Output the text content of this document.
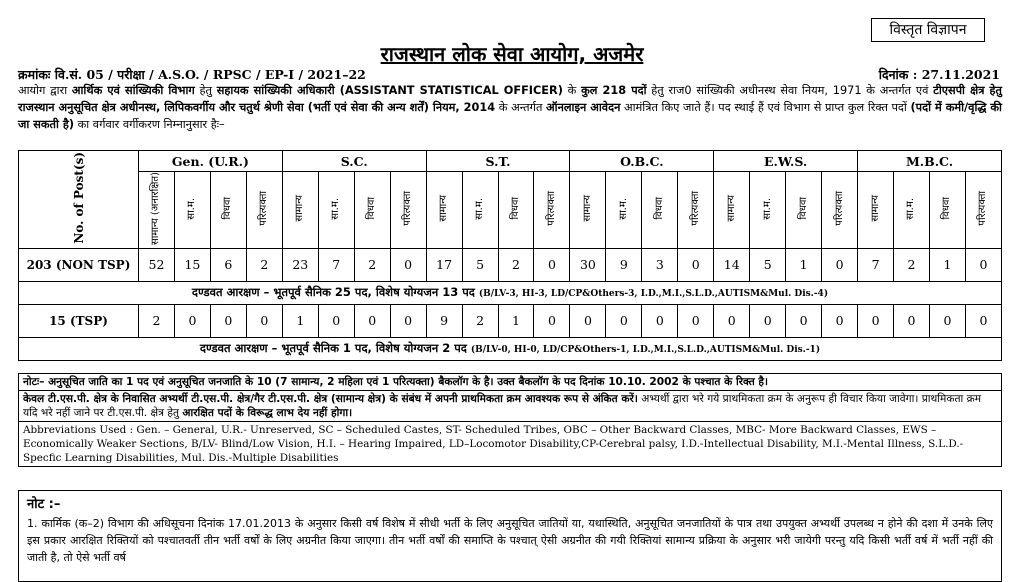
विस्तृत विज्ञापन
राजस्थान लोक सेवा आयोग, अजमेर
क्रमांकः वि.सं. 05 / परीक्षा / A.S.O. / RPSC / EP-I / 2021–22	दिनांक : 27.11.2021
आयोग द्वारा आर्थिक एवं सांख्यिकी विभाग हेतु सहायक सांख्यिकी अधिकारी (ASSISTANT STATISTICAL OFFICER) के कुल 218 पदों हेतु राज0 सांख्यिकी अधीनस्थ सेवा नियम, 1971 के अन्तर्गत एवं टीएसपी क्षेत्र हेतु राजस्थान अनुसूचित क्षेत्र अधीनस्थ, लिपिकवर्गीय और चतुर्थ श्रेणी सेवा (भर्ती एवं सेवा की अन्य शर्तें) नियम, 2014 के अन्तर्गत ऑनलाइन आवेदन आमंत्रित किए जाते हैं। पद स्थाई हैं एवं विभाग से प्राप्त कुल रिक्त पदों (पदों में कमी/वृद्धि की जा सकती है) का वर्गवार वर्गीकरण निम्नानुसार हैः–
No. of Post(s)	Gen. (U.R.)				S.C.				S.T.				O.B.C.				E.W.S.				M.B.C.			
	सामान्य (अनारक्षित)	सा.म.	विधवा	परित्यक्ता	सामान्य	सा.म.	विधवा	परित्यक्ता	सामान्य	सा.म.	विधवा	परित्यक्ता	सामान्य	सा.म.	विधवा	परित्यक्ता	सामान्य	सा.म.	विधवा	परित्यक्ता	सामान्य	सा.म.	विधवा	परित्यक्ता
203 (NON TSP)	52	15	6	2	23	7	2	0	17	5	2	0	30	9	3	0	14	5	1	0	7	2	1	0
दण्डवत आरक्षण – भूतपूर्व सैनिक 25 पद, विशेष योग्यजन 13 पद (B/LV-3, HI-3, LD/CP&Others-3, I.D.,M.I.,S.L.D.,AUTISM&Mul. Dis.-4)																								
15 (TSP)	2	0	0	0	1	0	0	0	9	2	1	0	0	0	0	0	0	0	0	0	0	0	0	0
दण्डवत आरक्षण – भूतपूर्व सैनिक 1 पद, विशेष योग्यजन 2 पद (B/LV-0, HI-0, LD/CP&Others-1, I.D.,M.I.,S.L.D.,AUTISM&Mul. Dis.-1)																								
नोटः– अनुसूचित जाति का 1 पद एवं अनुसूचित जनजाति के 10 (7 सामान्य, 2 महिला एवं 1 परित्यक्ता) बैकलॉग के है। उक्त बैकलॉग के पद दिनांक 10.10. 2002 के पश्चात के रिक्त है।
केवल टी.एस.पी. क्षेत्र के निवासित अभ्यर्थी टी.एस.पी. क्षेत्र/गैर टी.एस.पी. क्षेत्र (सामान्य क्षेत्र) के संबंध में अपनी प्राथमिकता क्रम आवश्यक रूप से अंकित करें। अभ्यर्थी द्वारा भरे गये प्राथमिकता क्रम के अनुरूप ही विचार किया जावेगा। प्राथमिकता क्रम यदि भरे नहीं जाने पर टी.एस.पी. क्षेत्र हेतु आरक्षित पदों के विरूद्ध लाभ देय नहीं होगा।
Abbreviations Used : Gen. – General, U.R.- Unreserved, SC – Scheduled Castes, ST- Scheduled Tribes, OBC – Other Backward Classes, MBC- More Backward Classes, EWS – Economically Weaker Sections, B/LV- Blind/Low Vision, H.I. – Hearing Impaired, LD–Locomotor Disability,CP-Cerebral palsy, I.D.-Intellectual Disability, M.I.-Mental Illness, S.L.D.-Specfic Learning Disabilities, Mul. Dis.-Multiple Disabilities
नोट :–
1. कार्मिक (क–2) विभाग की अधिसूचना दिनांक 17.01.2013 के अनुसार किसी वर्ष विशेष में सीधी भर्ती के लिए अनुसूचित जातियों या, यथास्थिति, अनुसूचित जनजातियों के पात्र तथा उपयुक्त अभ्यर्थी उपलब्ध न होने की दशा में उनके लिए इस प्रकार आरक्षित रिक्तियों को पश्चातवर्ती तीन भर्ती वर्षों के लिए अग्रनीत किया जाएगा। तीन भर्ती वर्षों की समाप्ति के पश्चात् ऐसी अग्रनीत की गयी रिक्तियां सामान्य प्रक्रिया के अनुसार भरी जायेगी परन्तु यदि किसी भर्ती वर्ष में भर्ती नहीं की जाती है, तो ऐसे भर्ती वर्ष
